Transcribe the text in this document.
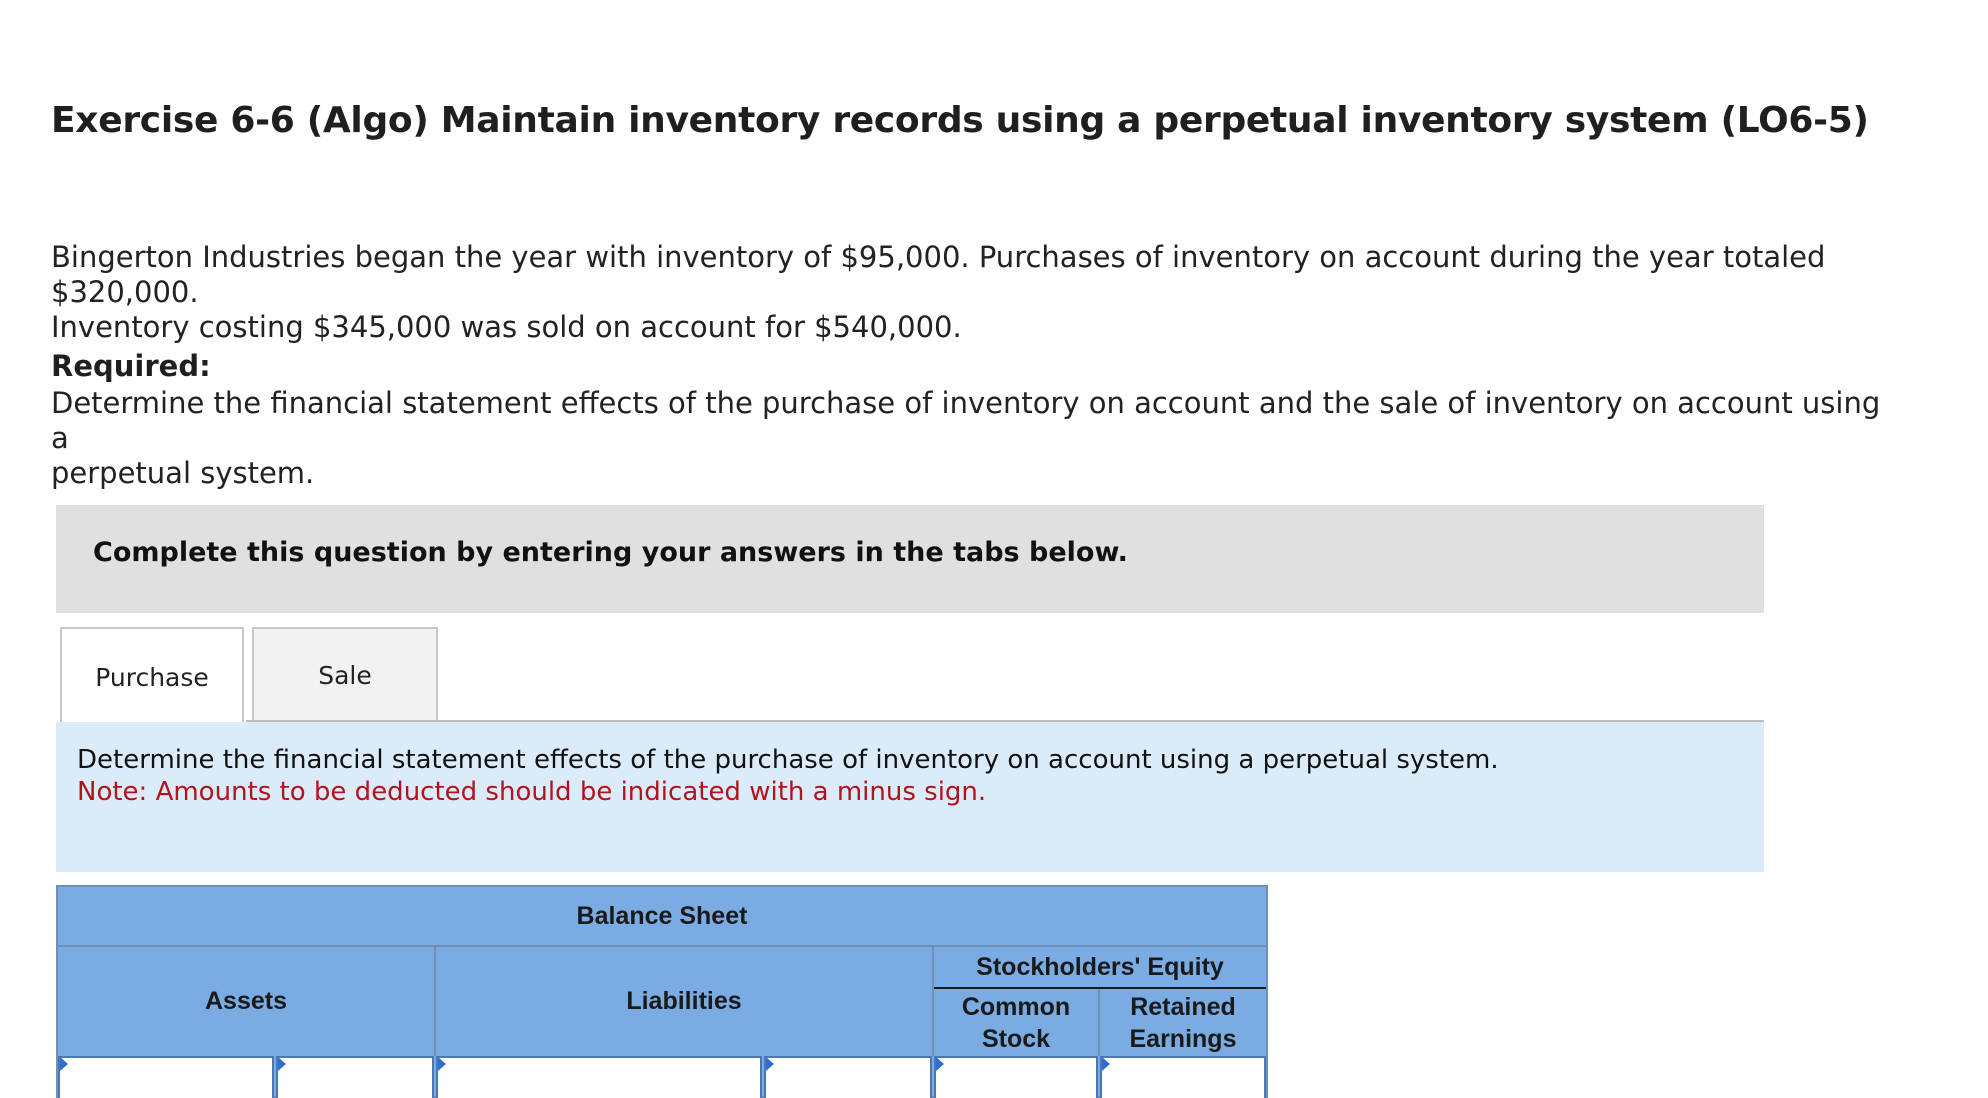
Exercise 6-6 (Algo) Maintain inventory records using a perpetual inventory system (LO6-5)

Bingerton Industries began the year with inventory of $95,000. Purchases of inventory on account during the year totaled $320,000.
Inventory costing $345,000 was sold on account for $540,000.

Required:

Determine the financial statement effects of the purchase of inventory on account and the sale of inventory on account using a
perpetual system.

Complete this question by entering your answers in the tabs below.
Purchase	Sale

Determine the financial statement effects of the purchase of inventory on account using a perpetual system.

Note: Amounts to be deducted should be indicated with a minus sign.

Balance Sheet
Assets	Liabilities
Stockholders' Equity
Common
Stock
Retained
Earnings
